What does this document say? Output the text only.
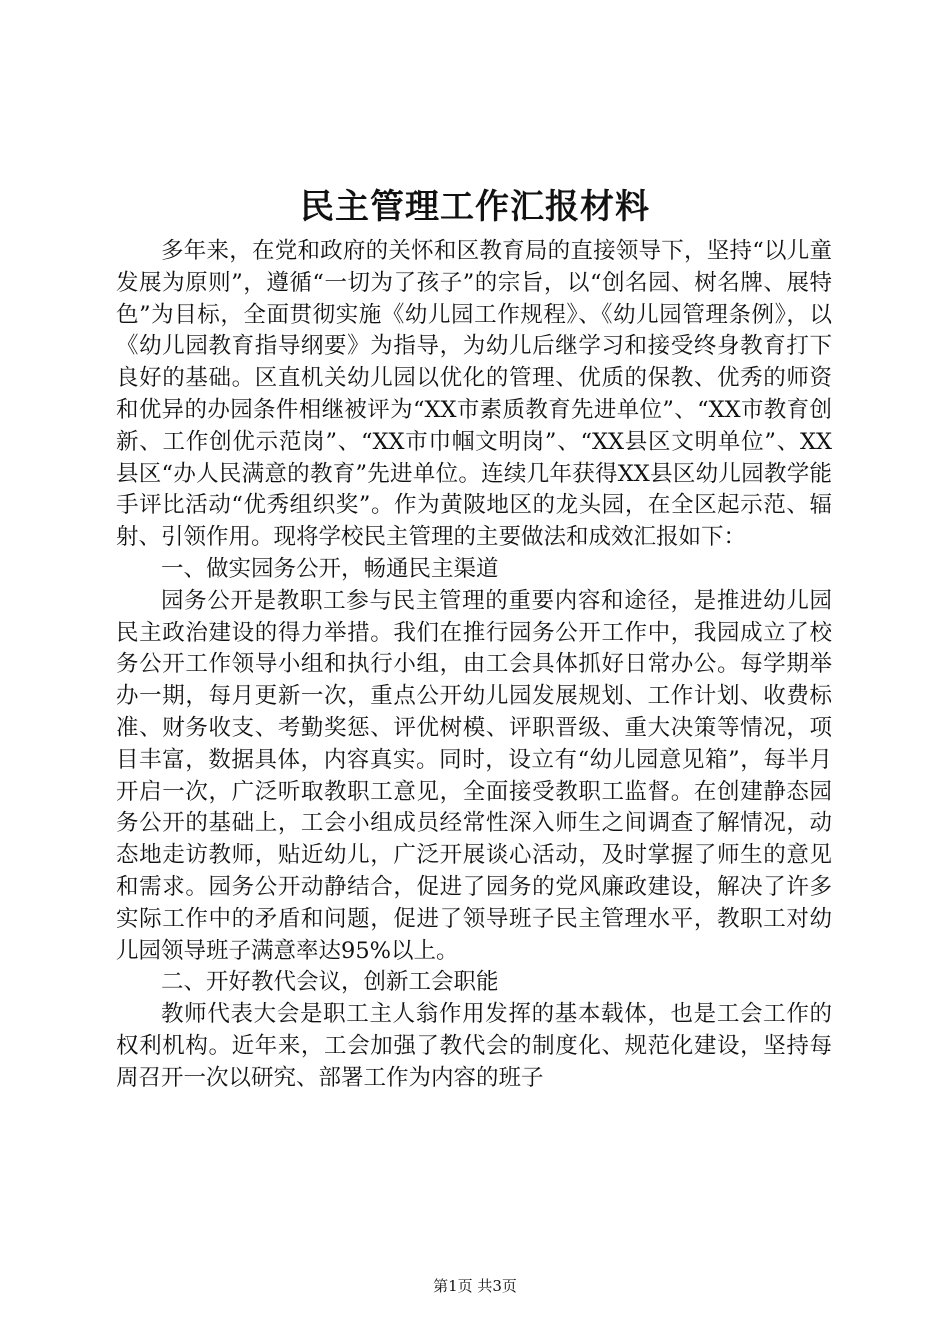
民主管理工作汇报材料

多年来，在党和政府的关怀和区教育局的直接领导下，坚持“以儿童发展为原则”，遵循“一切为了孩子”的宗旨，以“创名园、树名牌、展特色”为目标，全面贯彻实施《幼儿园工作规程》、《幼儿园管理条例》，以《幼儿园教育指导纲要》为指导，为幼儿后继学习和接受终身教育打下良好的基础。区直机关幼儿园以优化的管理、优质的保教、优秀的师资和优异的办园条件相继被评为“XX市素质教育先进单位”、“XX市教育创新、工作创优示范岗”、“XX市巾帼文明岗”、“XX县区文明单位”、XX县区“办人民满意的教育”先进单位。连续几年获得XX县区幼儿园教学能手评比活动“优秀组织奖”。作为黄陂地区的龙头园，在全区起示范、辐射、引领作用。现将学校民主管理的主要做法和成效汇报如下：

一、做实园务公开，畅通民主渠道

园务公开是教职工参与民主管理的重要内容和途径，是推进幼儿园民主政治建设的得力举措。我们在推行园务公开工作中，我园成立了校务公开工作领导小组和执行小组，由工会具体抓好日常办公。每学期举办一期，每月更新一次，重点公开幼儿园发展规划、工作计划、收费标准、财务收支、考勤奖惩、评优树模、评职晋级、重大决策等情况，项目丰富，数据具体，内容真实。同时，设立有“幼儿园意见箱”，每半月开启一次，广泛听取教职工意见，全面接受教职工监督。在创建静态园务公开的基础上，工会小组成员经常性深入师生之间调查了解情况，动态地走访教师，贴近幼儿，广泛开展谈心活动，及时掌握了师生的意见和需求。园务公开动静结合，促进了园务的党风廉政建设，解决了许多实际工作中的矛盾和问题，促进了领导班子民主管理水平，教职工对幼儿园领导班子满意率达95%以上。

二、开好教代会议，创新工会职能

教师代表大会是职工主人翁作用发挥的基本载体，也是工会工作的权利机构。近年来，工会加强了教代会的制度化、规范化建设，坚持每周召开一次以研究、部署工作为内容的班子

第1页 共3页
